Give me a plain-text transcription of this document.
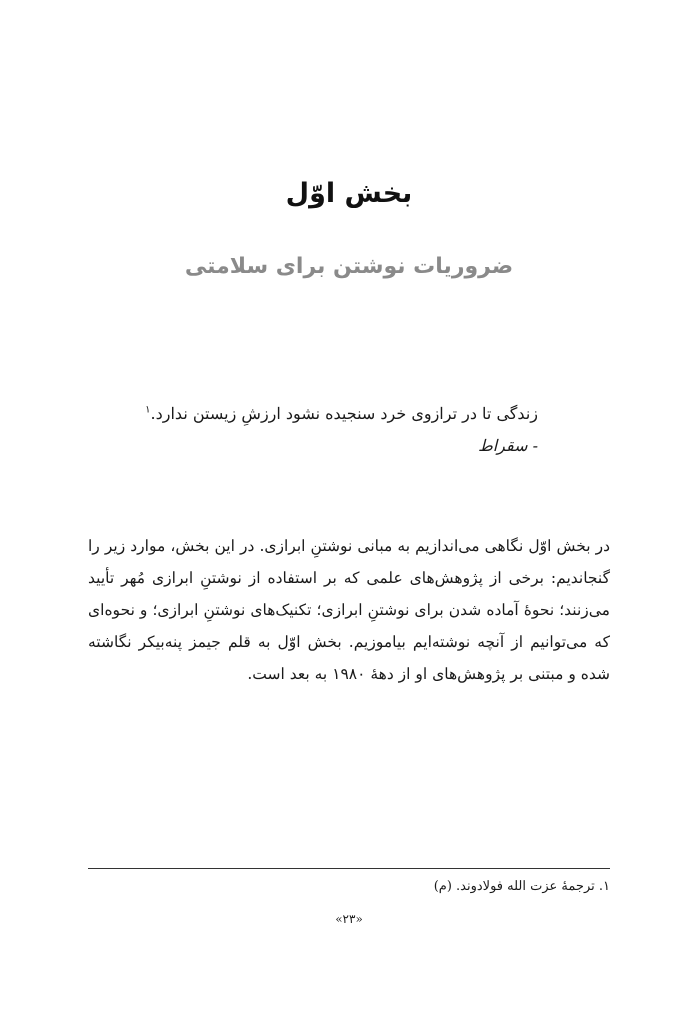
بخش اوّل
ضروریات نوشتن برای سلامتی
زندگی تا در ترازوی خرد سنجیده نشود ارزشِ زیستن ندارد.$^۱$
- سقراط

در بخش اوّل نگاهی می‌اندازیم به مبانی نوشتنِ ابرازی. در این بخش، موارد زیر را گنجاندیم: برخی از پژوهش‌های علمی که بر استفاده از نوشتنِ ابرازی مُهر تأیید می‌زنند؛ نحوهٔ آماده شدن برای نوشتنِ ابرازی؛ تکنیک‌های نوشتنِ ابرازی؛ و نحوه‌ای که می‌توانیم از آنچه نوشته‌ایم بیاموزیم. بخش اوّل به قلم جیمز پنه‌بیکر نگاشته شده و مبتنی بر پژوهش‌های او از دهۀ ۱۹۸۰ به بعد است.

۱. ترجمۀ عزت الله فولادوند. (م)
«۲۳»
